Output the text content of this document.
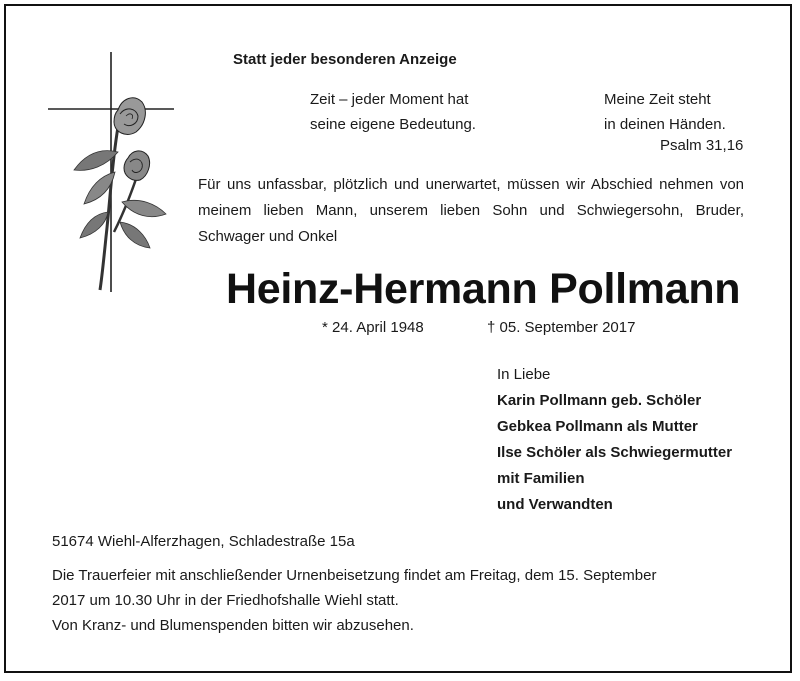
Statt jeder besonderen Anzeige
Zeit – jeder Moment hat
seine eigene Bedeutung.
Meine Zeit steht
in deinen Händen.
Psalm 31,16
Für uns unfassbar, plötzlich und unerwartet, müssen wir Abschied nehmen von meinem lieben Mann, unserem lieben Sohn und Schwiegersohn, Bruder, Schwager und Onkel
Heinz-Hermann Pollmann
* 24. April 1948	† 05. September 2017
In Liebe
Karin Pollmann geb. Schöler
Gebkea Pollmann als Mutter
Ilse Schöler als Schwiegermutter
mit Familien
und Verwandten
51674 Wiehl-Alferzhagen, Schladestraße 15a
Die Trauerfeier mit anschließender Urnenbeisetzung findet am Freitag, dem 15. September
2017 um 10.30 Uhr in der Friedhofshalle Wiehl statt.
Von Kranz- und Blumenspenden bitten wir abzusehen.
